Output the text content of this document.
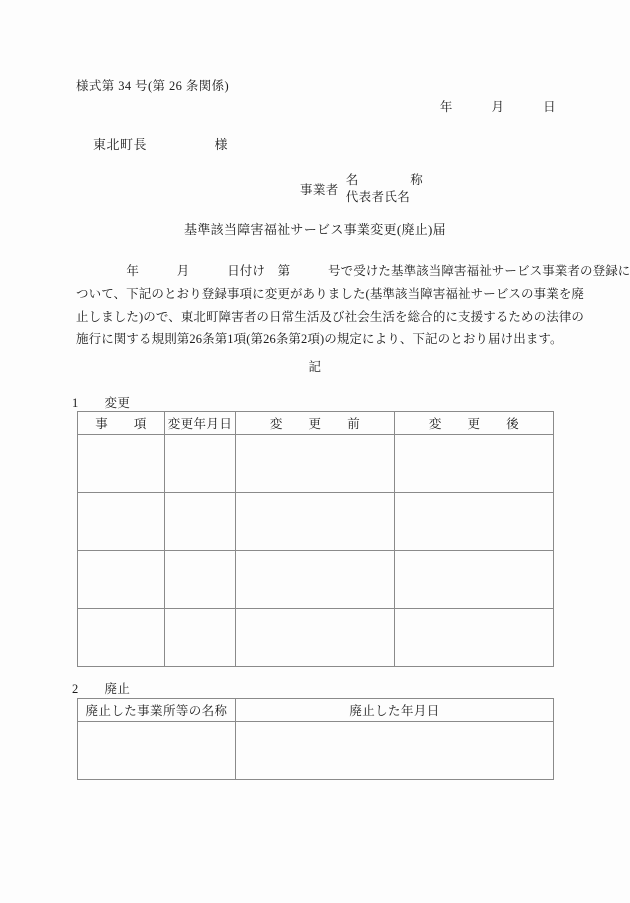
様式第 34 号(第 26 条関係)
年　　　月　　　日
東北町長　　　　　様
事業者
名　　　　称
代表者氏名
基準該当障害福祉サービス事業変更(廃止)届
　　　　年　　　月　　　日付け　第　　　号で受けた基準該当障害福祉サービス事業者の登録に
ついて、下記のとおり登録事項に変更がありました(基準該当障害福祉サービスの事業を廃
止しました)ので、東北町障害者の日常生活及び社会生活を総合的に支援するための法律の
施行に関する規則第26条第1項(第26条第2項)の規定により、下記のとおり届け出ます。
記
1　　変更
事　　項	変更年月日	変　　更　　前	変　　更　　後

2　　廃止
廃止した事業所等の名称	廃止した年月日
